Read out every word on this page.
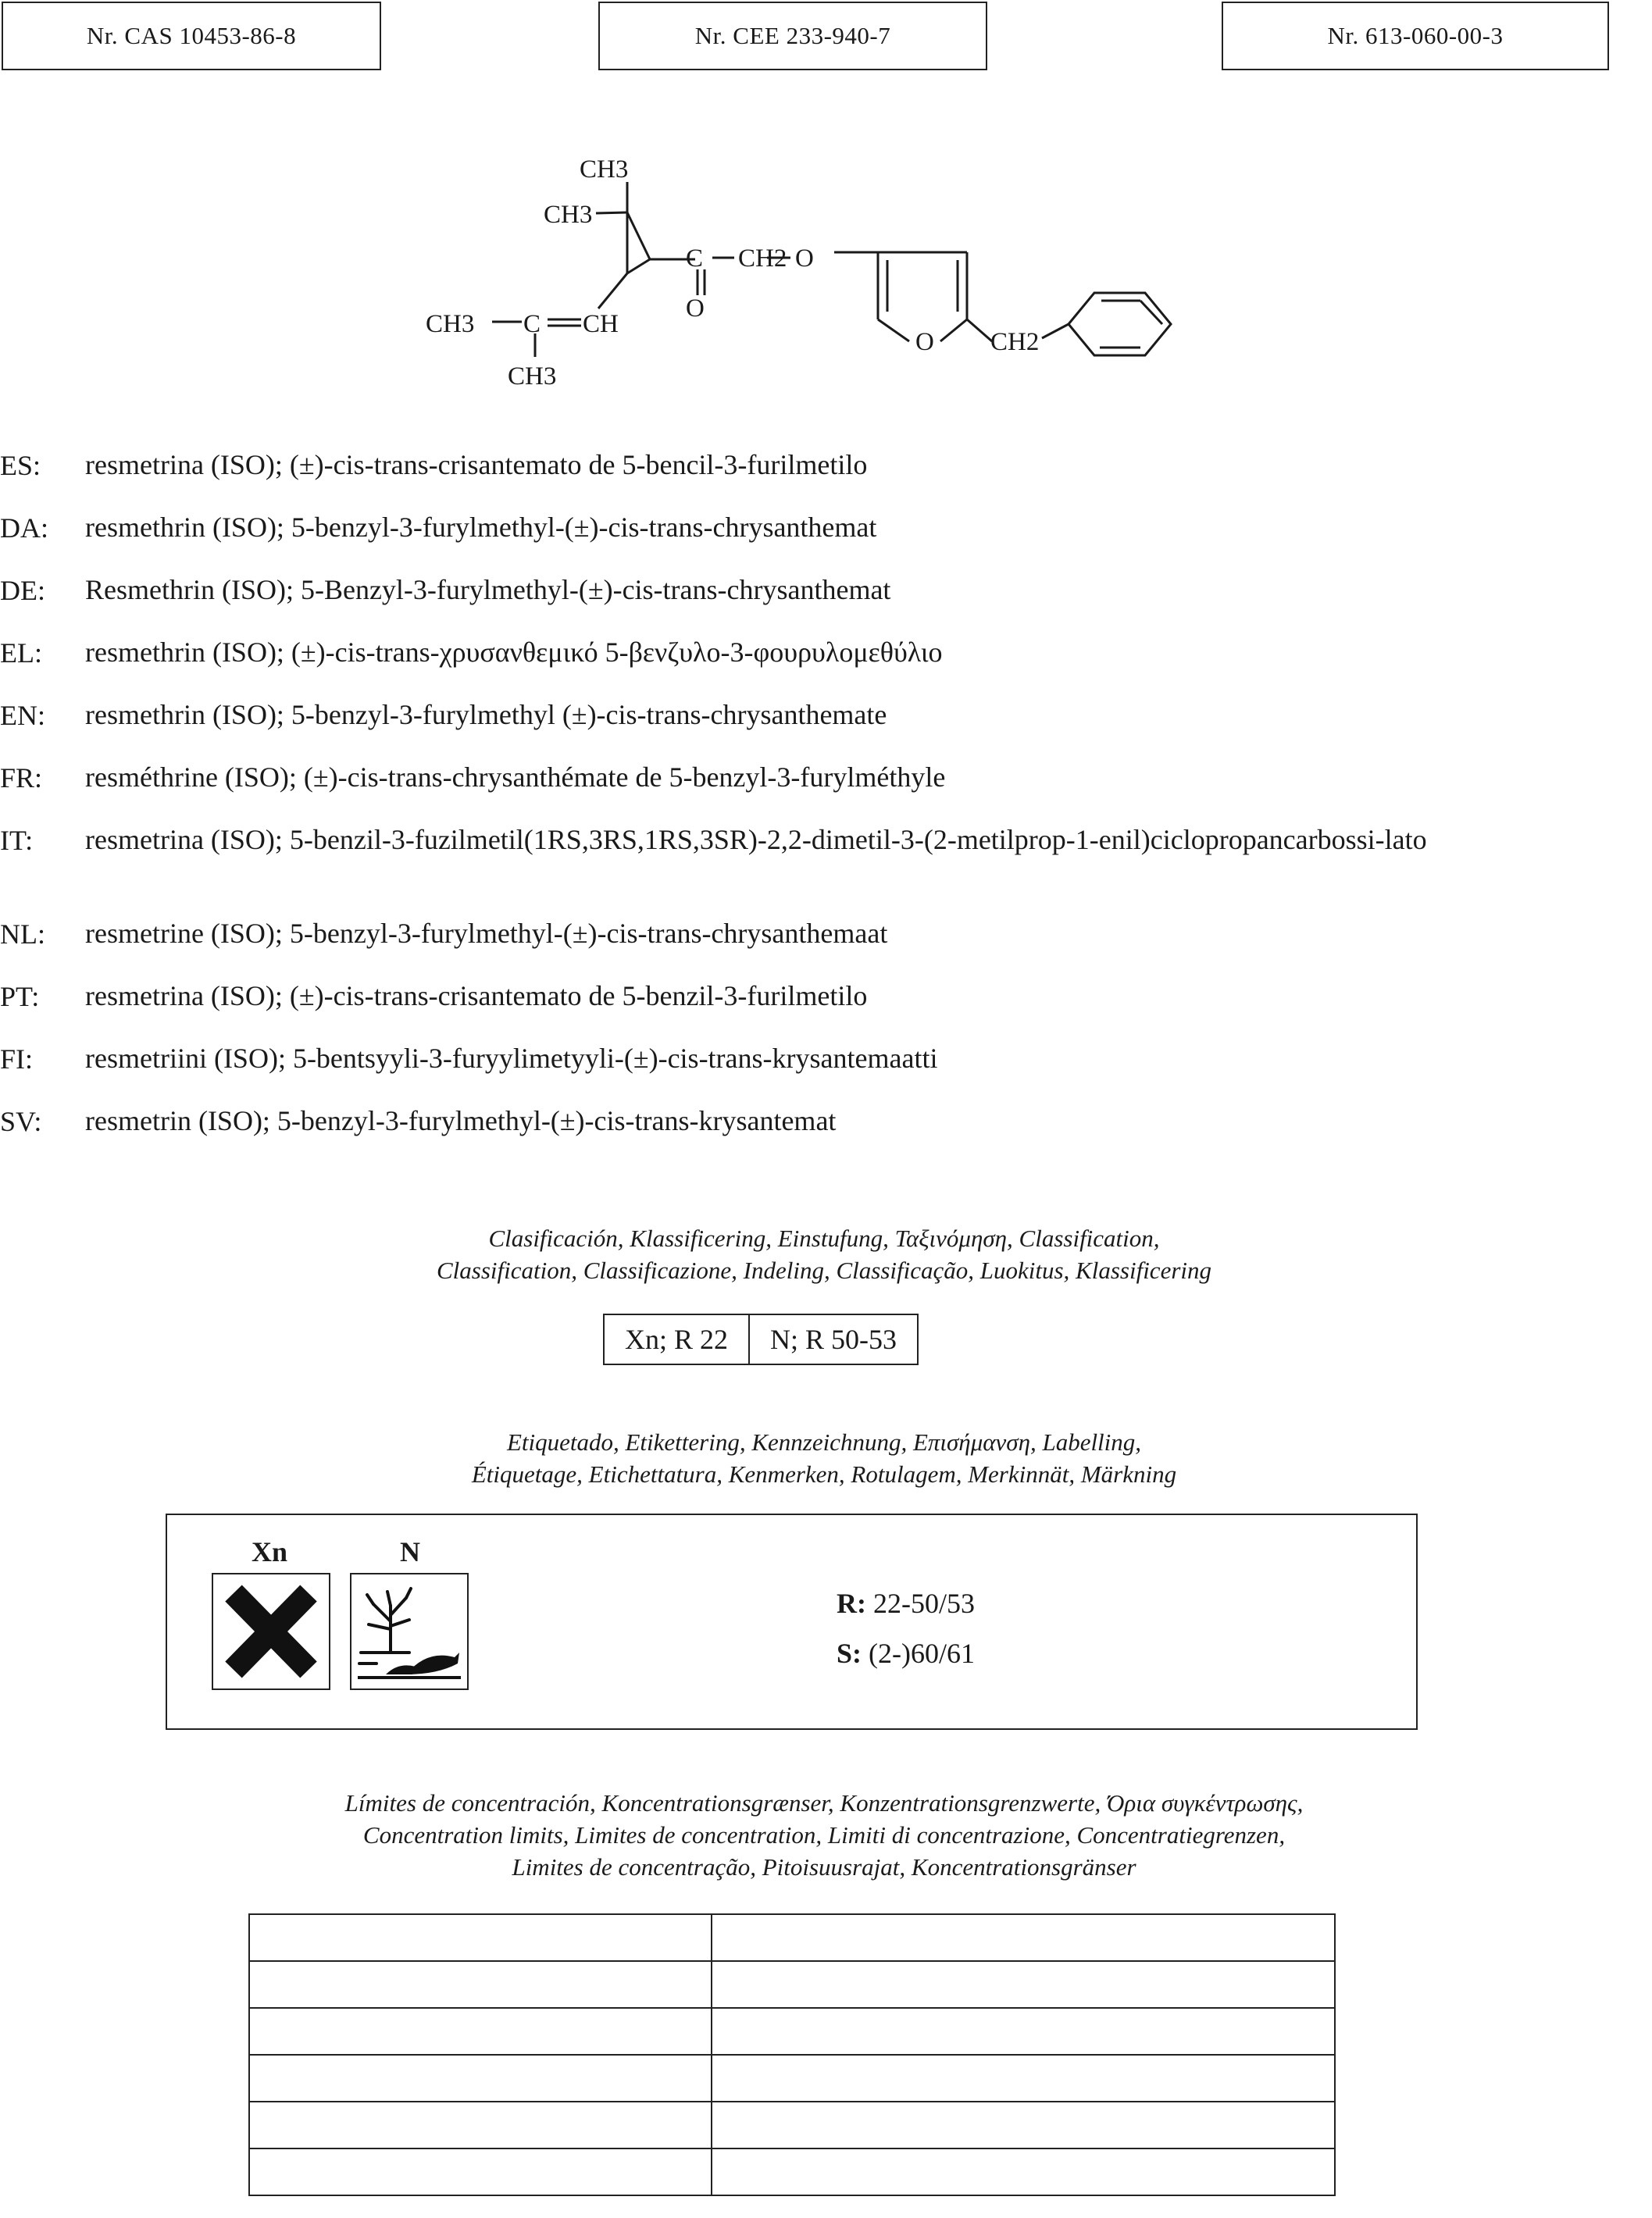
Nr. CAS 10453-86-8	Nr. CEE 233-940-7	Nr. 613-060-00-3
CH3
CH3
C
O
CH2 O
O CH2
CH3 C CH
CH3
ES: resmetrina (ISO); (±)-cis-trans-crisantemato de 5-bencil-3-furilmetilo
DA: resmethrin (ISO); 5-benzyl-3-furylmethyl-(±)-cis-trans-chrysanthemat
DE: Resmethrin (ISO); 5-Benzyl-3-furylmethyl-(±)-cis-trans-chrysanthemat
EL: resmethrin (ISO); (±)-cis-trans-χρυσανθεμικό 5-βενζυλο-3-φουρυλομεθύλιο
EN: resmethrin (ISO); 5-benzyl-3-furylmethyl (±)-cis-trans-chrysanthemate
FR: resméthrine (ISO); (±)-cis-trans-chrysanthémate de 5-benzyl-3-furylméthyle
IT: resmetrina (ISO); 5-benzil-3-fuzilmetil(1RS,3RS,1RS,3SR)-2,2-dimetil-3-(2-metilprop-1-enil)ciclopropancarbossi-lato
NL: resmetrine (ISO); 5-benzyl-3-furylmethyl-(±)-cis-trans-chrysanthemaat
PT: resmetrina (ISO); (±)-cis-trans-crisantemato de 5-benzil-3-furilmetilo
FI: resmetriini (ISO); 5-bentsyyli-3-furyylimetyyli-(±)-cis-trans-krysantemaatti
SV: resmetrin (ISO); 5-benzyl-3-furylmethyl-(±)-cis-trans-krysantemat
Clasificación, Klassificering, Einstufung, Ταξινόμηση, Classification,
Classification, Classificazione, Indeling, Classificação, Luokitus, Klassificering
Xn; R 22	N; R 50-53
Etiquetado, Etikettering, Kennzeichnung, Επισήμανση, Labelling,
Étiquetage, Etichettatura, Kenmerken, Rotulagem, Merkinnät, Märkning
Xn	N
R: 22-50/53
S: (2-)60/61
Límites de concentración, Koncentrationsgrænser, Konzentrationsgrenzwerte, Όρια συγκέντρωσης,
Concentration limits, Limites de concentration, Limiti di concentrazione, Concentratiegrenzen,
Limites de concentração, Pitoisuusrajat, Koncentrationsgränser
